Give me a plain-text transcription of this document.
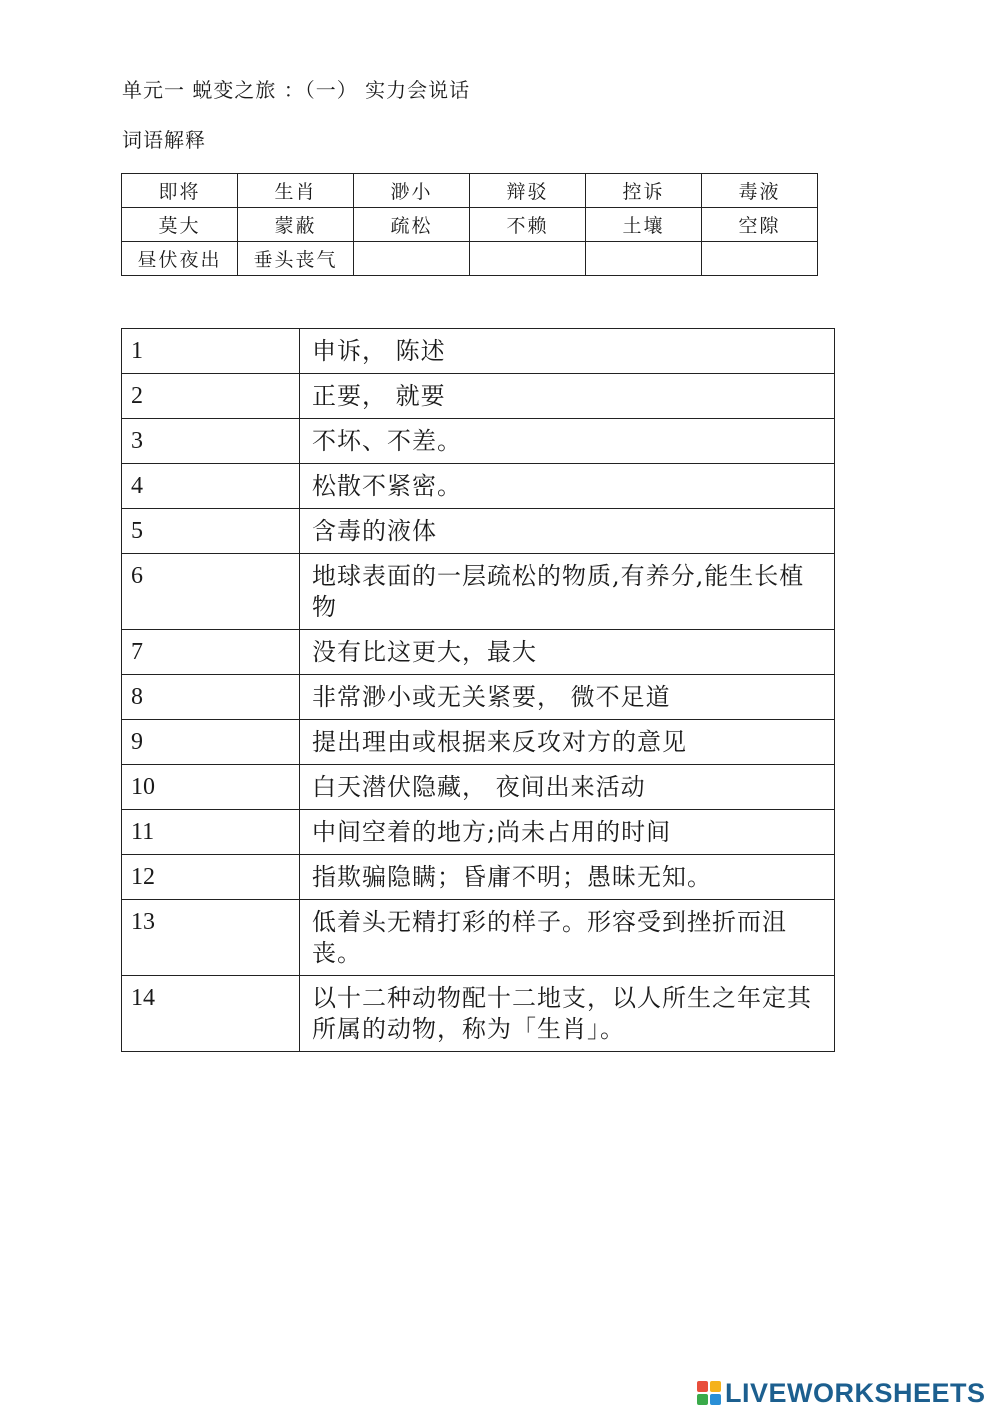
单元一 蜕变之旅 ：（一） 实力会说话
词语解释
即将	生肖	渺小	辩驳	控诉	毒液
莫大	蒙蔽	疏松	不赖	土壤	空隙
昼伏夜出	垂头丧气				
1	申诉， 陈述
2	正要， 就要
3	不坏、不差。
4	松散不紧密。
5	含毒的液体
6	地球表面的一层疏松的物质,有养分,能生长植物
7	没有比这更大，最大
8	非常渺小或无关紧要， 微不足道
9	提出理由或根据来反攻对方的意见
10	白天潜伏隐藏， 夜间出来活动
11	中间空着的地方;尚未占用的时间
12	指欺骗隐瞒；昏庸不明；愚昧无知。
13	低着头无精打彩的样子。形容受到挫折而沮丧。
14	以十二种动物配十二地支，以人所生之年定其所属的动物，称为「生肖」。
LIVEWORKSHEETS
